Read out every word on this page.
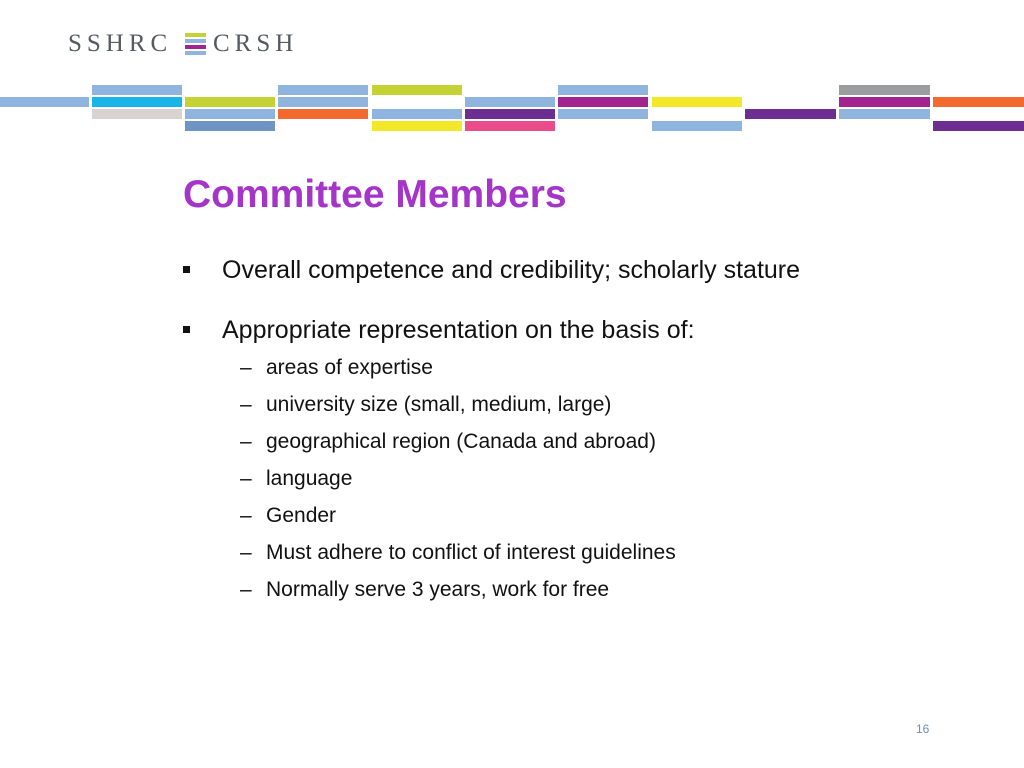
SSHRC CRSH
Committee Members
Overall competence and credibility; scholarly stature
Appropriate representation on the basis of:
– areas of expertise
– university size (small, medium, large)
– geographical region (Canada and abroad)
– language
– Gender
– Must adhere to conflict of interest guidelines
– Normally serve 3 years, work for free
16
